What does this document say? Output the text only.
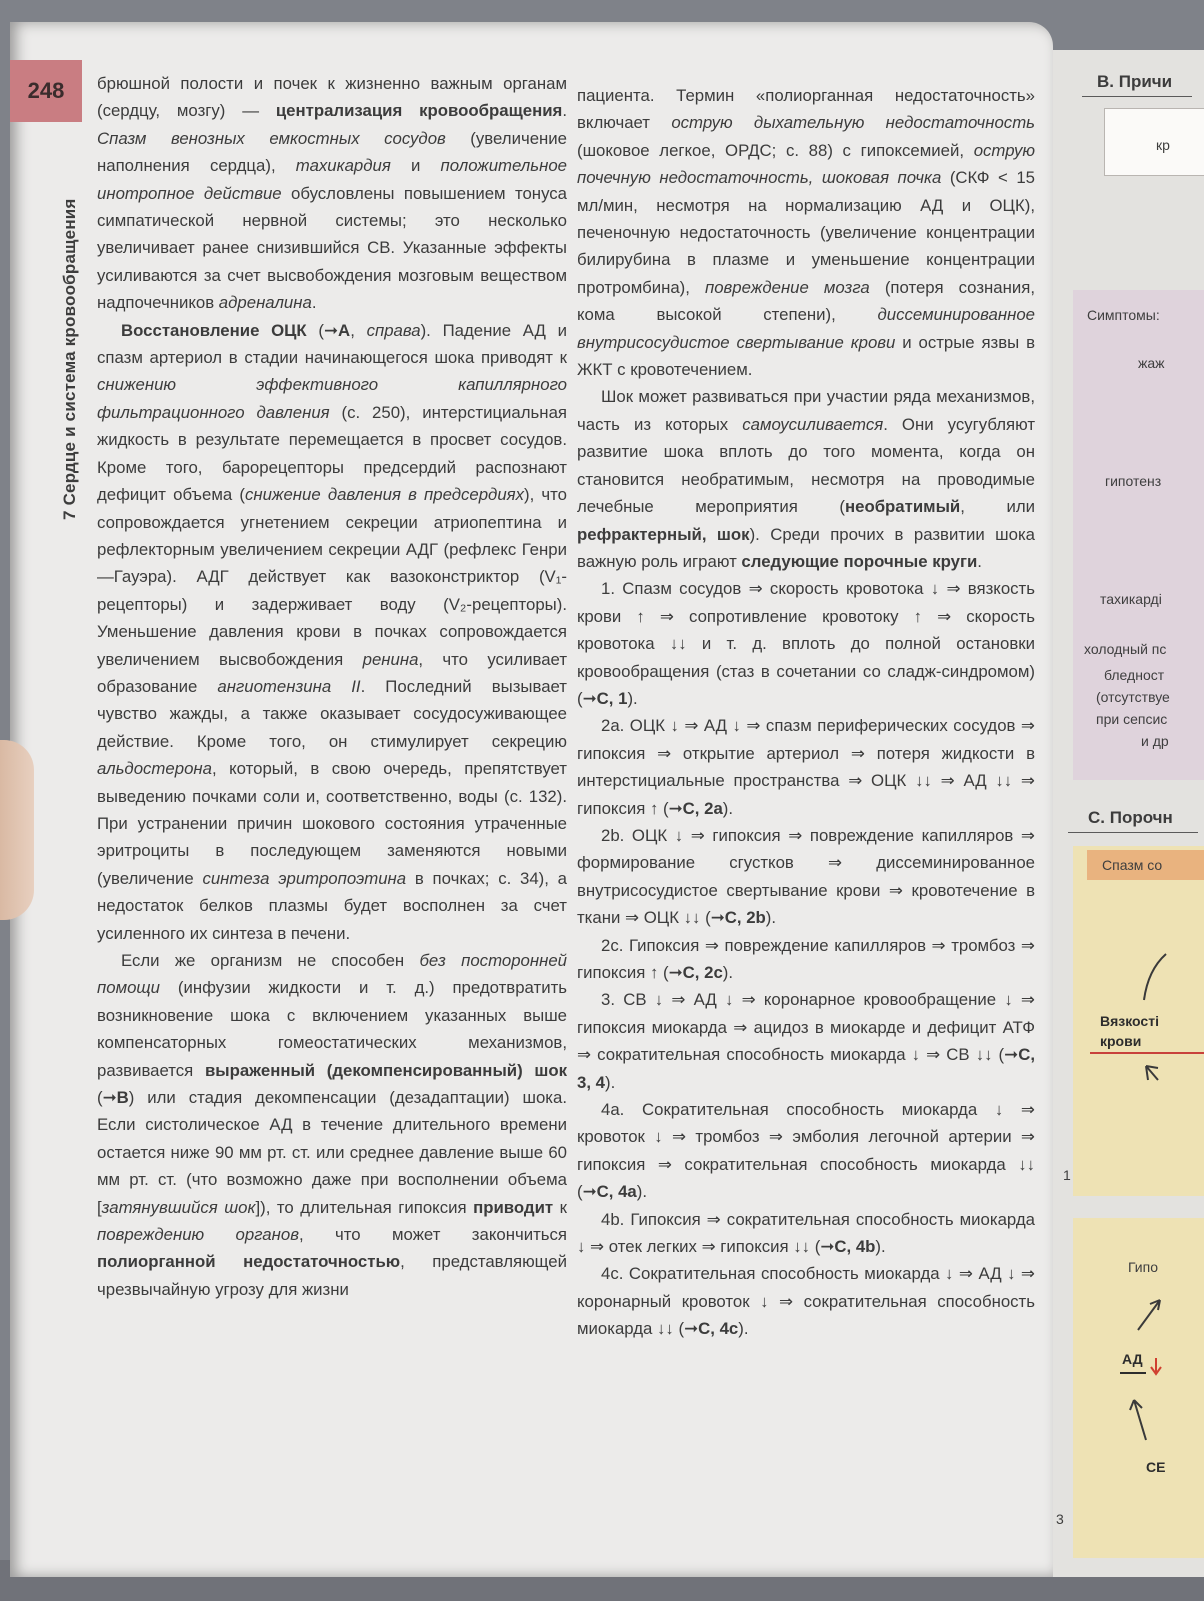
248
7 Сердце и система кровообращения

брюшной полости и почек к жизненно важным органам (сердцу, мозгу) — централизация кровообращения. Спазм венозных емкостных сосудов (увеличение наполнения сердца), тахикардия и положительное инотропное действие обусловлены повышением тонуса симпатической нервной системы; это несколько увеличивает ранее снизившийся СВ. Указанные эффекты усиливаются за счет высвобождения мозговым веществом надпочечников адреналина.

Восстановление ОЦК (➞A, справа). Падение АД и спазм артериол в стадии начинающегося шока приводят к снижению эффективного капиллярного фильтрационного давления (с. 250), интерстициальная жидкость в результате перемещается в просвет сосудов. Кроме того, барорецепторы предсердий распознают дефицит объема (снижение давления в предсердиях), что сопровождается угнетением секреции атриопептина и рефлекторным увеличением секреции АДГ (рефлекс Генри—Гауэра). АДГ действует как вазоконстриктор (V₁-рецепторы) и задерживает воду (V₂-рецепторы). Уменьшение давления крови в почках сопровождается увеличением высвобождения ренина, что усиливает образование ангиотензина II. Последний вызывает чувство жажды, а также оказывает сосудосуживающее действие. Кроме того, он стимулирует секрецию альдостерона, который, в свою очередь, препятствует выведению почками соли и, соответственно, воды (с. 132). При устранении причин шокового состояния утраченные эритроциты в последующем заменяются новыми (увеличение синтеза эритропоэтина в почках; с. 34), а недостаток белков плазмы будет восполнен за счет усиленного их синтеза в печени.

Если же организм не способен без посторонней помощи (инфузии жидкости и т. д.) предотвратить возникновение шока с включением указанных выше компенсаторных гомеостатических механизмов, развивается выраженный (декомпенсированный) шок (➞B) или стадия декомпенсации (дезадаптации) шока. Если систолическое АД в течение длительного времени остается ниже 90 мм рт. ст. или среднее давление выше 60 мм рт. ст. (что возможно даже при восполнении объема [затянувшийся шок]), то длительная гипоксия приводит к повреждению органов, что может закончиться полиорганной недостаточностью, представляющей чрезвычайную угрозу для жизни

пациента. Термин «полиорганная недостаточность» включает острую дыхательную недостаточность (шоковое легкое, ОРДС; с. 88) с гипоксемией, острую почечную недостаточность, шоковая почка (СКФ < 15 мл/мин, несмотря на нормализацию АД и ОЦК), печеночную недостаточность (увеличение концентрации билирубина в плазме и уменьшение концентрации протромбина), повреждение мозга (потеря сознания, кома высокой степени), диссеминированное внутрисосудистое свертывание крови и острые язвы в ЖКТ с кровотечением.

Шок может развиваться при участии ряда механизмов, часть из которых самоусиливается. Они усугубляют развитие шока вплоть до того момента, когда он становится необратимым, несмотря на проводимые лечебные мероприятия (необратимый, или рефрактерный, шок). Среди прочих в развитии шока важную роль играют следующие порочные круги.

1. Спазм сосудов ⇒ скорость кровотока ↓ ⇒ вязкость крови ↑ ⇒ сопротивление кровотоку ↑ ⇒ скорость кровотока ↓↓ и т. д. вплоть до полной остановки кровообращения (стаз в сочетании со сладж-синдромом) (➞C, 1).

2a. ОЦК ↓ ⇒ АД ↓ ⇒ спазм периферических сосудов ⇒ гипоксия ⇒ открытие артериол ⇒ потеря жидкости в интерстициальные пространства ⇒ ОЦК ↓↓ ⇒ АД ↓↓ ⇒ гипоксия ↑ (➞C, 2a).

2b. ОЦК ↓ ⇒ гипоксия ⇒ повреждение капилляров ⇒ формирование сгустков ⇒ диссеминированное внутрисосудистое свертывание крови ⇒ кровотечение в ткани ⇒ ОЦК ↓↓ (➞C, 2b).

2c. Гипоксия ⇒ повреждение капилляров ⇒ тромбоз ⇒ гипоксия ↑ (➞C, 2c).

3. СВ ↓ ⇒ АД ↓ ⇒ коронарное кровообращение ↓ ⇒ гипоксия миокарда ⇒ ацидоз в миокарде и дефицит АТФ ⇒ сократительная способность миокарда ↓ ⇒ СВ ↓↓ (➞C, 3, 4).

4a. Сократительная способность миокарда ↓ ⇒ кровоток ↓ ⇒ тромбоз ⇒ эмболия легочной артерии ⇒ гипоксия ⇒ сократительная способность миокарда ↓↓ (➞C, 4a).

4b. Гипоксия ⇒ сократительная способность миокарда ↓ ⇒ отек легких ⇒ гипоксия ↓↓ (➞C, 4b).

4c. Сократительная способность миокарда ↓ ⇒ АД ↓ ⇒ коронарный кровоток ↓ ⇒ сократительная способность миокарда ↓↓ (➞C, 4c).

B. Причи
кр
Симптомы:
жаж
гипотенз
тахикарді
холодный пс
бледност
(отсутствуе
при сепсис
и др
C. Порочн
Спазм со
Вязкості
крови
1
Гипо
АД
СЕ
3
